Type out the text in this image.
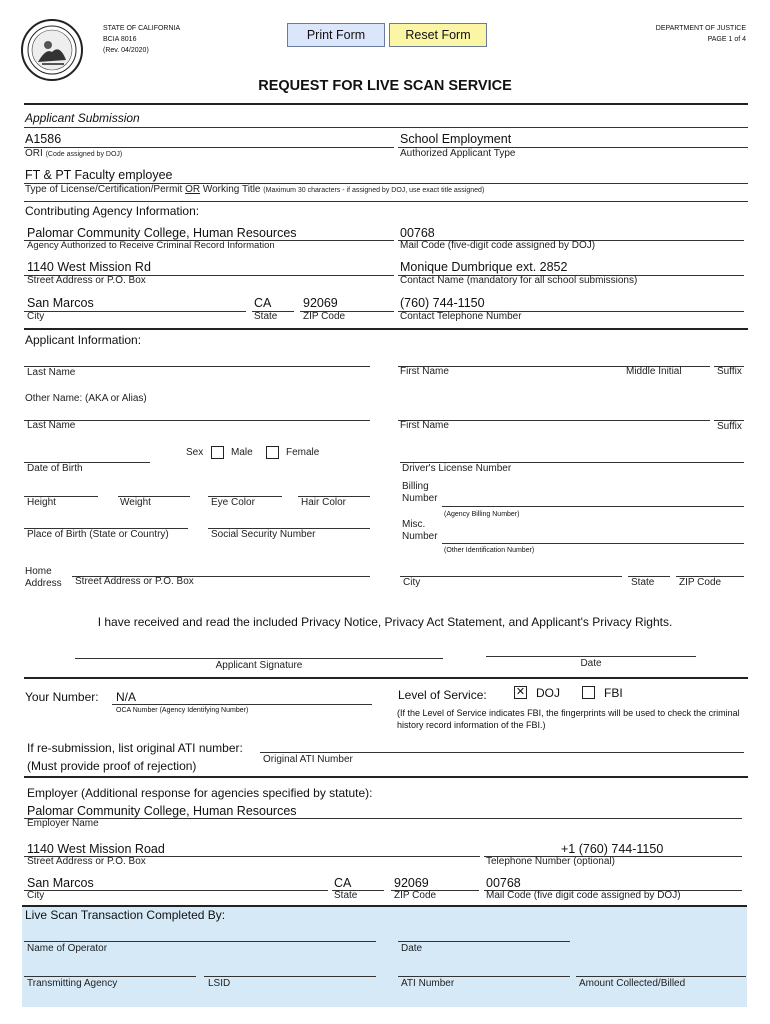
STATE OF CALIFORNIA
BCIA 8016
(Rev. 04/2020)
Print Form	Reset Form	DEPARTMENT OF JUSTICE
PAGE 1 of 4
REQUEST FOR LIVE SCAN SERVICE
Applicant Submission
A1586
ORI (Code assigned by DOJ)
School Employment
Authorized Applicant Type
FT & PT Faculty employee
Type of License/Certification/Permit OR Working Title (Maximum 30 characters - if assigned by DOJ, use exact title assigned)
Contributing Agency Information:
Palomar Community College, Human Resources
Agency Authorized to Receive Criminal Record Information
00768
Mail Code (five-digit code assigned by DOJ)
1140 West Mission Rd
Street Address or P.O. Box
Monique Dumbrique ext. 2852
Contact Name (mandatory for all school submissions)
San Marcos
City
CA
State
92069
ZIP Code
(760) 744-1150
Contact Telephone Number
Applicant Information:
Last Name	First Name	Middle Initial	Suffix
Other Name: (AKA or Alias)
Last Name	First Name	Suffix
Sex	Male	Female
Date of Birth	Driver's License Number
Billing
Number
(Agency Billing Number)
Height	Weight	Eye Color	Hair Color
Place of Birth (State or Country)	Social Security Number
Misc.
Number
(Other Identification Number)
Home
Address Street Address or P.O. Box	City	State ZIP Code
I have received and read the included Privacy Notice, Privacy Act Statement, and Applicant's Privacy Rights.
Applicant Signature	Date
Your Number: N/A
OCA Number (Agency Identifying Number)
Level of Service:	✕ DOJ	FBI
(If the Level of Service indicates FBI, the fingerprints will be used to check the criminal history record information of the FBI.)
If re-submission, list original ATI number:
(Must provide proof of rejection)	Original ATI Number
Employer (Additional response for agencies specified by statute):
Palomar Community College, Human Resources
Employer Name
1140 West Mission Road
Street Address or P.O. Box
+1 (760) 744-1150
Telephone Number (optional)
San Marcos
City
CA
State
92069
ZIP Code
00768
Mail Code (five digit code assigned by DOJ)
Live Scan Transaction Completed By:
Name of Operator	Date
Transmitting Agency	LSID	ATI Number	Amount Collected/Billed
